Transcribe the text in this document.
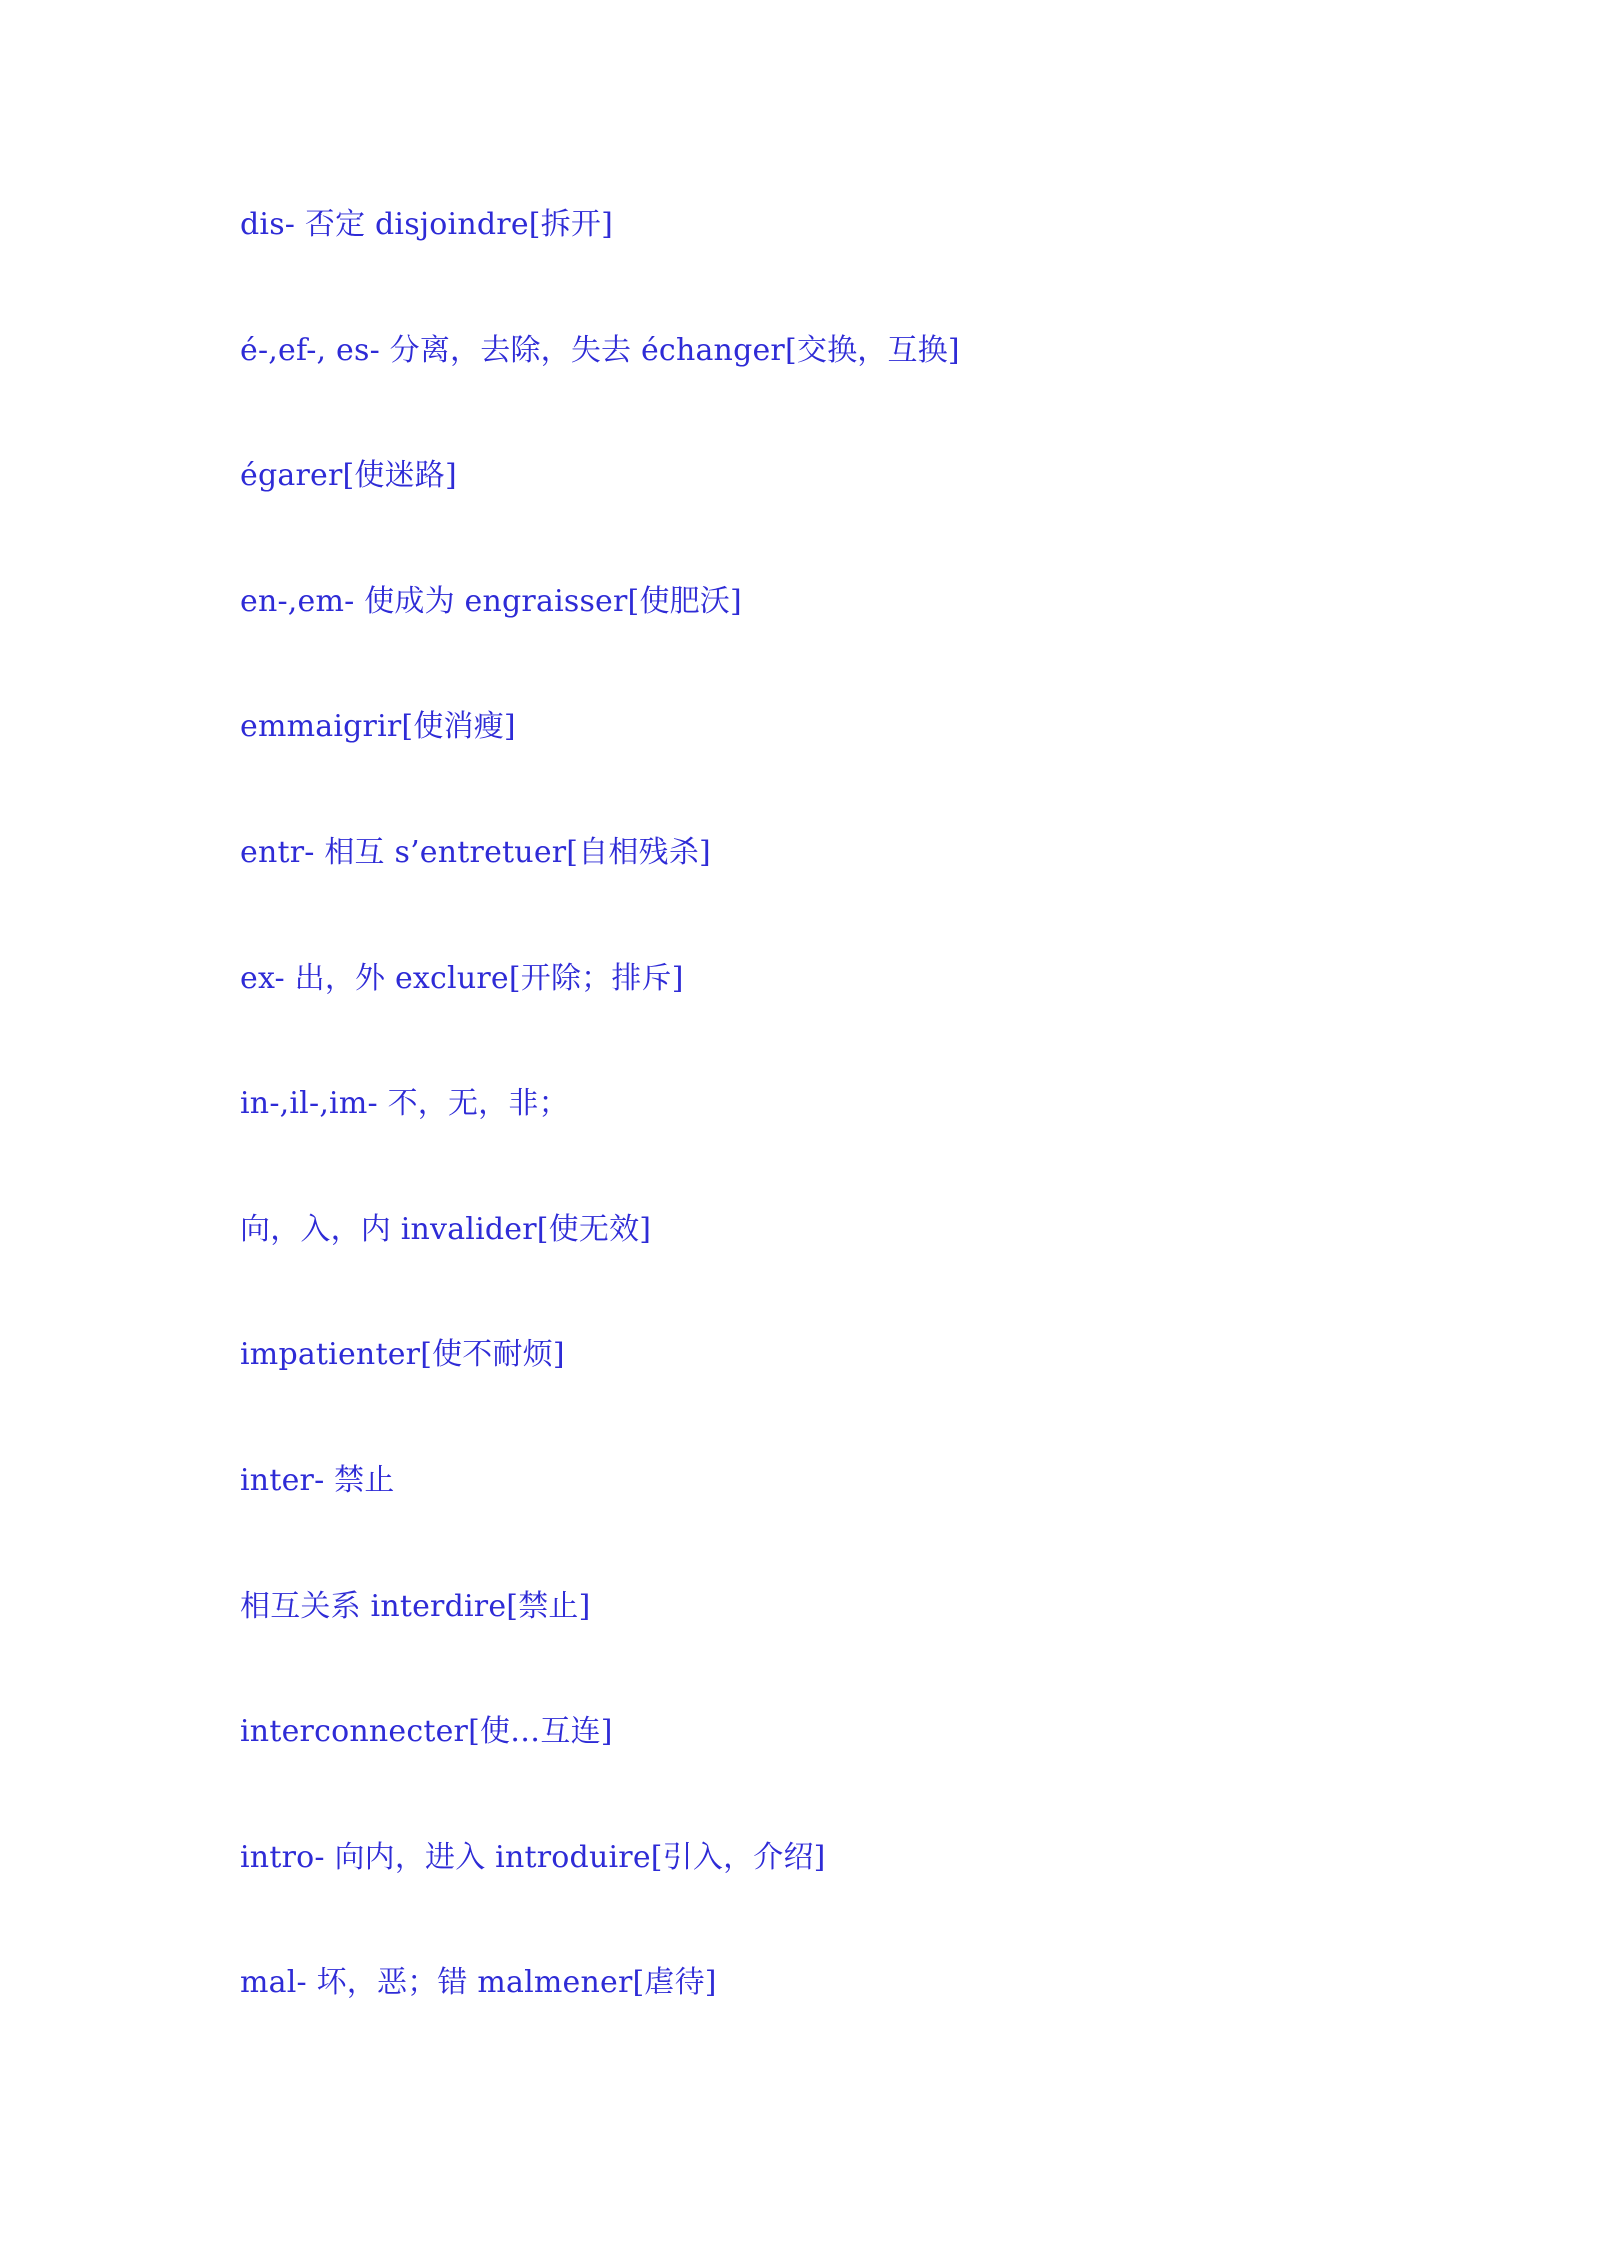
dis- 否定 disjoindre[拆开]
é-,ef-, es- 分离，去除，失去 échanger[交换，互换]
égarer[使迷路]
en-,em- 使成为 engraisser[使肥沃]
emmaigrir[使消瘦]
entr- 相互 s’entretuer[自相残杀]
ex- 出，外 exclure[开除；排斥]
in-,il-,im- 不，无，非；
向，入，内 invalider[使无效]
impatienter[使不耐烦]
inter- 禁止
相互关系 interdire[禁止]
interconnecter[使…互连]
intro- 向内，进入 introduire[引入，介绍]
mal- 坏，恶；错 malmener[虐待]
